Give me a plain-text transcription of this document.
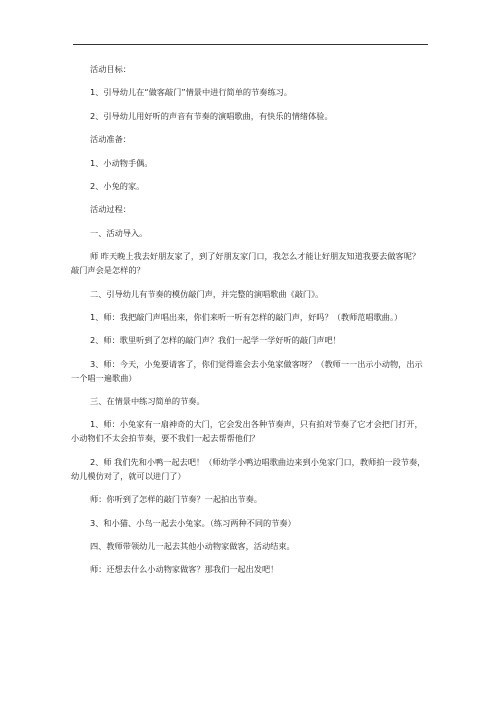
活动目标：

1、引导幼儿在“做客敲门”情景中进行简单的节奏练习。

2、引导幼儿用好听的声音有节奏的演唱歌曲，有快乐的情绪体验。

活动准备：

1、小动物手偶。

2、小兔的家。

活动过程：

一、活动导入。

师 昨天晚上我去好朋友家了，到了好朋友家门口，我怎么才能让好朋友知道我要去做客呢？敲门声会是怎样的？

二、引导幼儿有节奏的模仿敲门声，并完整的演唱歌曲《敲门》。

1、师：我把敲门声唱出来，你们来听一听有怎样的敲门声，好吗？（教师范唱歌曲。）

2、师：歌里听到了怎样的敲门声？我们一起学一学好听的敲门声吧！

3、师：今天，小兔要请客了，你们觉得谁会去小兔家做客呀？（教师一一出示小动物，出示一个唱一遍歌曲）

三、在情景中练习简单的节奏。

1、师：小兔家有一扇神奇的大门，它会发出各种节奏声，只有拍对节奏了它才会把门打开，小动物们不太会拍节奏，要不我们一起去帮帮他们？

2、师 我们先和小鸭一起去吧！（师幼学小鸭边唱歌曲边来到小兔家门口，教师拍一段节奏，幼儿模仿对了，就可以进门了）

师：你听到了怎样的敲门节奏？一起拍出节奏。

3、和小猫、小鸟一起去小兔家。（练习两种不同的节奏）

四、教师带领幼儿一起去其他小动物家做客，活动结束。

师：还想去什么小动物家做客？那我们一起出发吧！
